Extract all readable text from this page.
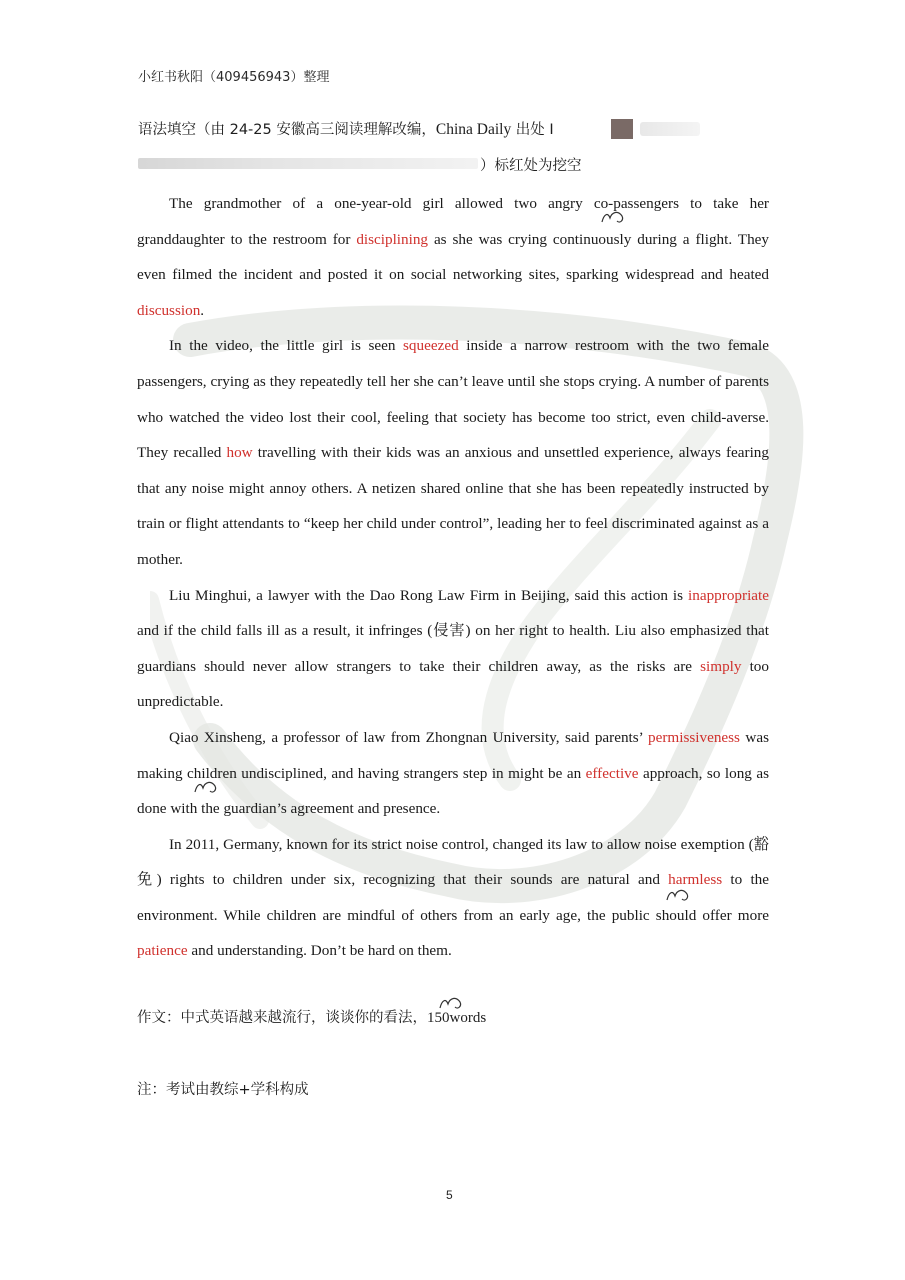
小红书秋阳（409456943）整理
语法填空（由 24-25 安徽高三阅读理解改编，China Daily 出处 I
）标红处为挖空

The grandmother of a one-year-old girl allowed two angry co-passengers to take her granddaughter to the restroom for disciplining as she was crying continuously during a flight. They even filmed the incident and posted it on social networking sites, sparking widespread and heated discussion.

In the video, the little girl is seen squeezed inside a narrow restroom with the two female passengers, crying as they repeatedly tell her she can’t leave until she stops crying. A number of parents who watched the video lost their cool, feeling that society has become too strict, even child-averse. They recalled how travelling with their kids was an anxious and unsettled experience, always fearing that any noise might annoy others. A netizen shared online that she has been repeatedly instructed by train or flight attendants to “keep her child under control”, leading her to feel discriminated against as a mother.

Liu Minghui, a lawyer with the Dao Rong Law Firm in Beijing, said this action is inappropriate and if the child falls ill as a result, it infringes (侵害) on her right to health. Liu also emphasized that guardians should never allow strangers to take their children away, as the risks are simply too unpredictable.

Qiao Xinsheng, a professor of law from Zhongnan University, said parents’ permissiveness was making children undisciplined, and having strangers step in might be an effective approach, so long as done with the guardian’s agreement and presence.

In 2011, Germany, known for its strict noise control, changed its law to allow noise exemption (豁免) rights to children under six, recognizing that their sounds are natural and harmless to the environment. While children are mindful of others from an early age, the public should offer more patience and understanding. Don’t be hard on them.

作文：中式英语越来越流行，谈谈你的看法，150words
注：考试由教综+学科构成
5
